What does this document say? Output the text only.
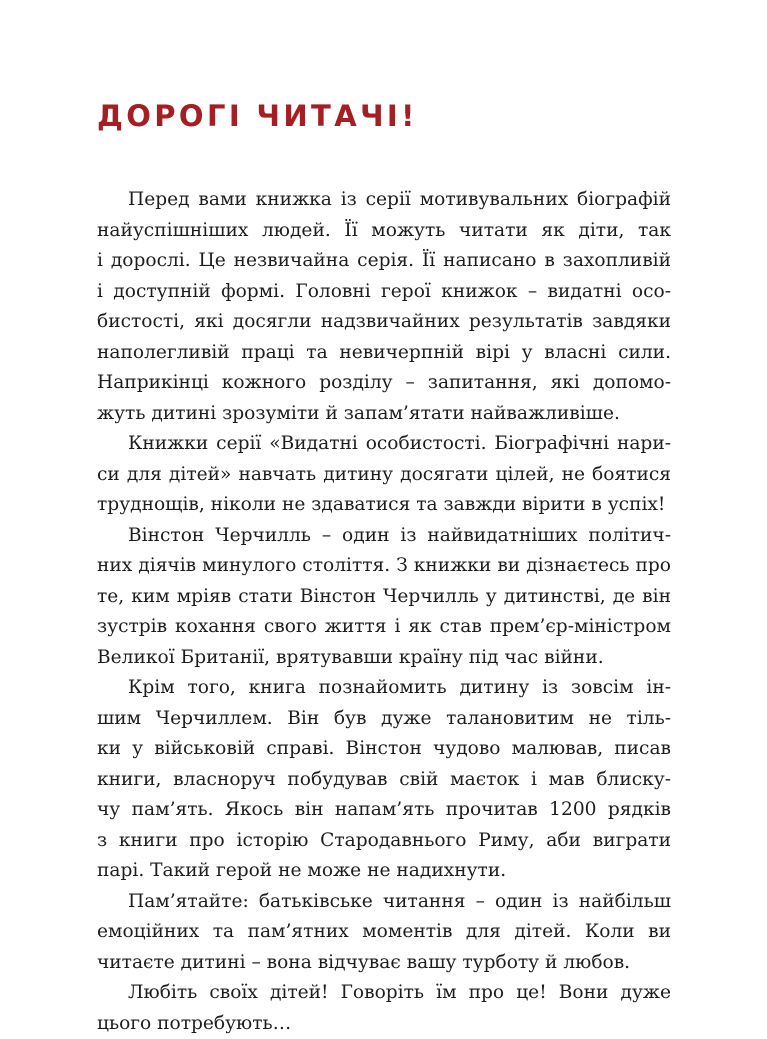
ДОРОГІ ЧИТАЧІ!

Перед вами книжка із серії мотивувальних біографій
найуспішніших людей. Її можуть читати як діти, так
і дорослі. Це незвичайна серія. Її написано в захопливій
і доступній формі. Головні герої книжок – видатні осо-
бистості, які досягли надзвичайних результатів завдяки
наполегливій праці та невичерпній вірі у власні сили.
Наприкінці кожного розділу – запитання, які допомо-
жуть дитині зрозуміти й запам’ятати найважливіше.

Книжки серії «Видатні особистості. Біографічні нари-
си для дітей» навчать дитину досягати цілей, не боятися
труднощів, ніколи не здаватися та завжди вірити в успіх!

Вінстон Черчилль – один із найвидатніших політич-
них діячів минулого століття. З книжки ви дізнаєтесь про
те, ким мріяв стати Вінстон Черчилль у дитинстві, де він
зустрів кохання свого життя і як став прем’єр-міністром
Великої Британії, врятувавши країну під час війни.

Крім того, книга познайомить дитину із зовсім ін-
шим Черчиллем. Він був дуже талановитим не тіль-
ки у військовій справі. Вінстон чудово малював, писав
книги, власноруч побудував свій маєток і мав блиску-
чу пам’ять. Якось він напам’ять прочитав 1200 рядків
з книги про історію Стародавнього Риму, аби виграти
парі. Такий герой не може не надихнути.

Пам’ятайте: батьківське читання – один із найбільш
емоційних та пам’ятних моментів для дітей. Коли ви
читаєте дитині – вона відчуває вашу турботу й любов.

Любіть своїх дітей! Говоріть їм про це! Вони дуже
цього потребують…
